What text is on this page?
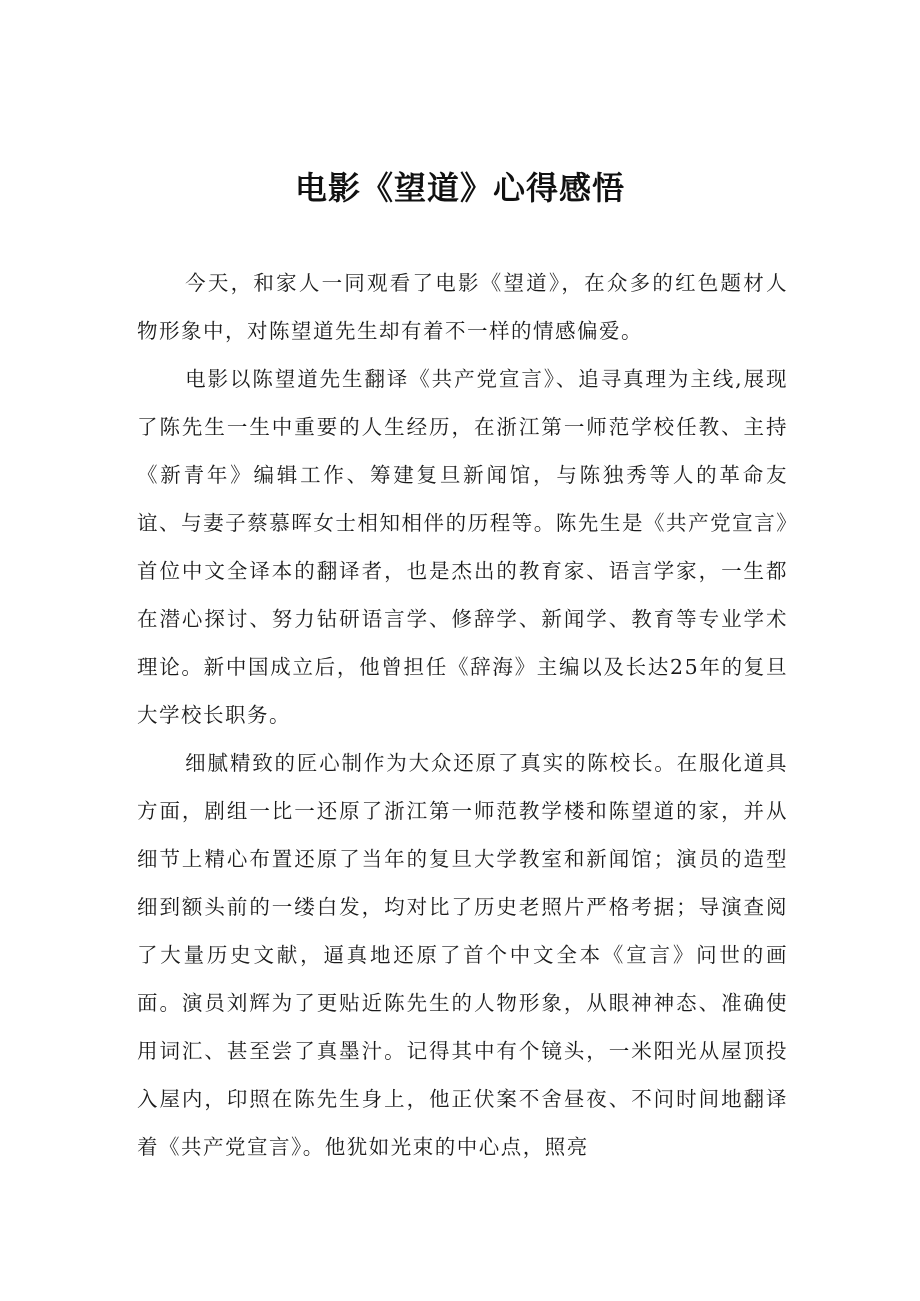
电影《望道》心得感悟

今天，和家人一同观看了电影《望道》，在众多的红色题材人物形象中，对陈望道先生却有着不一样的情感偏爱。

电影以陈望道先生翻译《共产党宣言》、追寻真理为主线,展现了陈先生一生中重要的人生经历，在浙江第一师范学校任教、主持《新青年》编辑工作、筹建复旦新闻馆，与陈独秀等人的革命友谊、与妻子蔡慕晖女士相知相伴的历程等。陈先生是《共产党宣言》首位中文全译本的翻译者，也是杰出的教育家、语言学家，一生都在潜心探讨、努力钻研语言学、修辞学、新闻学、教育等专业学术理论。新中国成立后，他曾担任《辞海》主编以及长达25年的复旦大学校长职务。

细腻精致的匠心制作为大众还原了真实的陈校长。在服化道具方面，剧组一比一还原了浙江第一师范教学楼和陈望道的家，并从细节上精心布置还原了当年的复旦大学教室和新闻馆；演员的造型细到额头前的一缕白发，均对比了历史老照片严格考据；导演查阅了大量历史文献，逼真地还原了首个中文全本《宣言》问世的画面。演员刘辉为了更贴近陈先生的人物形象，从眼神神态、准确使用词汇、甚至尝了真墨汁。记得其中有个镜头，一米阳光从屋顶投入屋内，印照在陈先生身上，他正伏案不舍昼夜、不问时间地翻译着《共产党宣言》。他犹如光束的中心点，照亮
